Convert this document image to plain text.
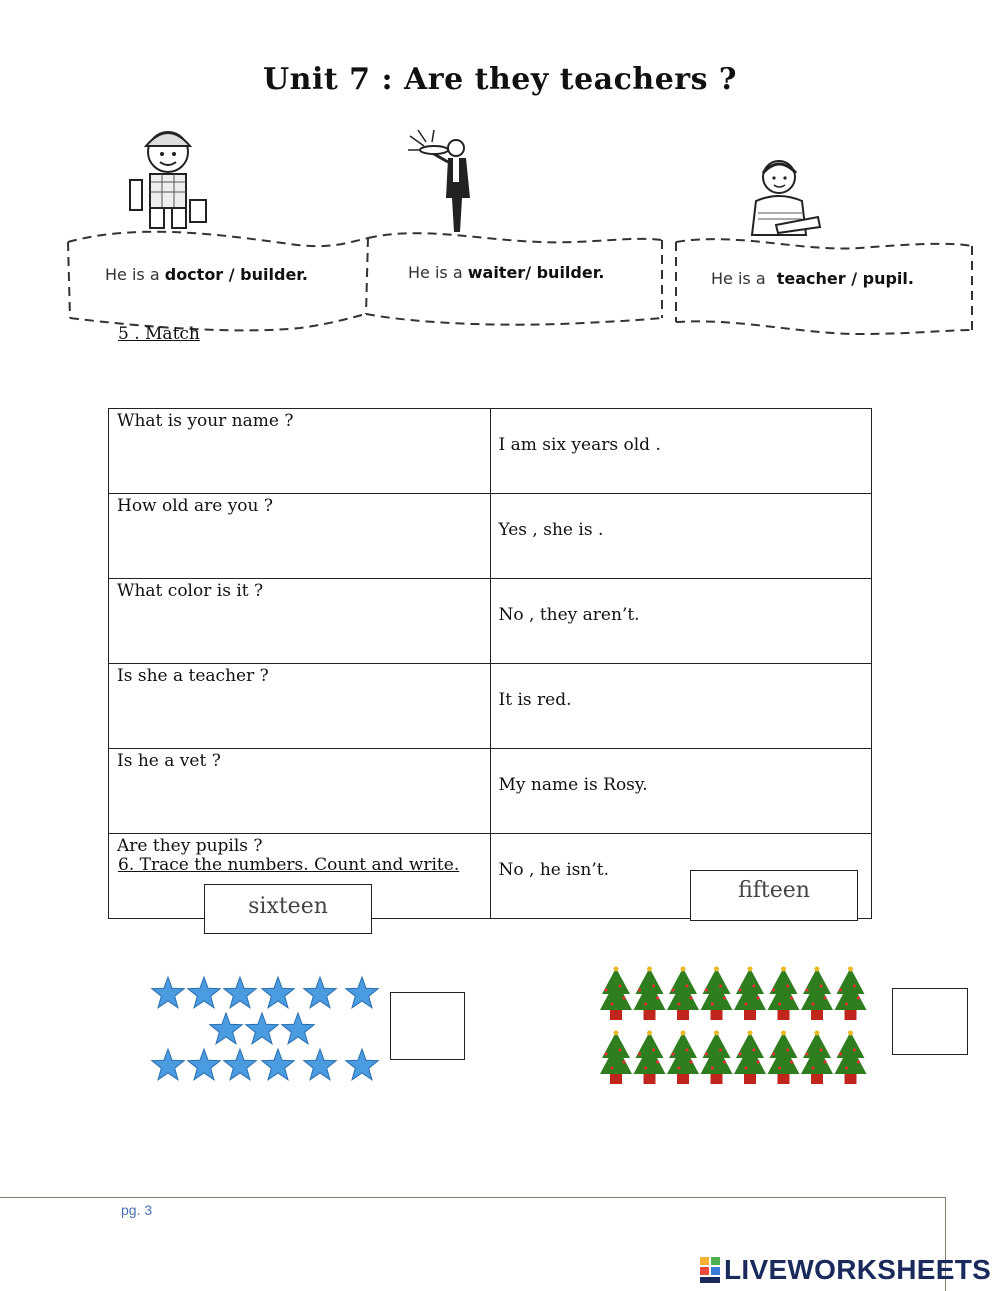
Unit 7 : Are they teachers ?
He is a doctor / builder.	He is a waiter/ builder.	He is a teacher / pupil.
5 . Match
What is your name ?	I am six years old .
How old are you ?	Yes , she is .
What color is it ?	No , they aren’t.
Is she a teacher ?	It is red.
Is he a vet ?	My name is Rosy.
Are they pupils ?	No , he isn’t.
6. Trace the numbers. Count and write.
sixteen
fifteen
pg. 3
LIVEWORKSHEETS
